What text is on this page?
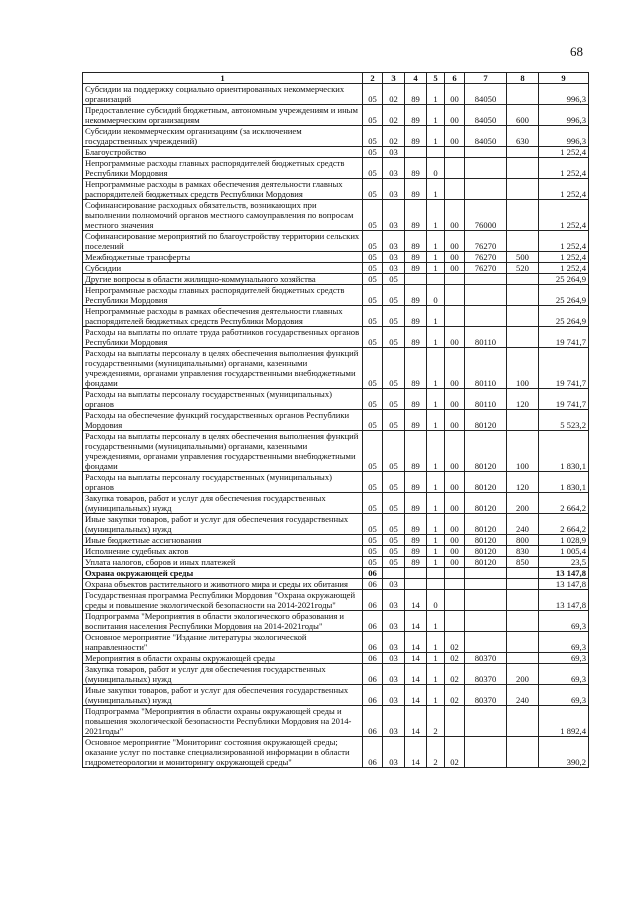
68
1	2	3	4	5	6	7	8	9
Субсидии на поддержку социально ориентированных некоммерческих организаций	05	02	89	1	00	84050		996,3
Предоставление субсидий бюджетным, автономным учреждениям и иным некоммерческим организациям	05	02	89	1	00	84050	600	996,3
Субсидии некоммерческим организациям (за исключением государственных учреждений)	05	02	89	1	00	84050	630	996,3
Благоустройство	05	03						1 252,4
Непрограммные расходы главных распорядителей бюджетных средств Республики Мордовия	05	03	89	0				1 252,4
Непрограммные расходы в рамках обеспечения деятельности главных распорядителей бюджетных средств Республики Мордовия	05	03	89	1				1 252,4
Софинансирование расходных обязательств, возникающих при выполнении полномочий органов местного самоуправления по вопросам местного значения	05	03	89	1	00	76000		1 252,4
Софинансирование мероприятий по благоустройству территории сельских поселений	05	03	89	1	00	76270		1 252,4
Межбюджетные трансферты	05	03	89	1	00	76270	500	1 252,4
Субсидии	05	03	89	1	00	76270	520	1 252,4
Другие вопросы в области жилищно-коммунального хозяйства	05	05						25 264,9
Непрограммные расходы главных распорядителей бюджетных средств Республики Мордовия	05	05	89	0				25 264,9
Непрограммные расходы в рамках обеспечения деятельности главных распорядителей бюджетных средств Республики Мордовия	05	05	89	1				25 264,9
Расходы на выплаты по оплате труда работников государственных органов Республики Мордовия	05	05	89	1	00	80110		19 741,7
Расходы на выплаты персоналу в целях обеспечения выполнения функций государственными (муниципальными) органами, казенными учреждениями, органами управления государственными внебюджетными фондами	05	05	89	1	00	80110	100	19 741,7
Расходы на выплаты персоналу государственных (муниципальных) органов	05	05	89	1	00	80110	120	19 741,7
Расходы на обеспечение функций государственных органов Республики Мордовия	05	05	89	1	00	80120		5 523,2
Расходы на выплаты персоналу в целях обеспечения выполнения функций государственными (муниципальными) органами, казенными учреждениями, органами управления государственными внебюджетными фондами	05	05	89	1	00	80120	100	1 830,1
Расходы на выплаты персоналу государственных (муниципальных) органов	05	05	89	1	00	80120	120	1 830,1
Закупка товаров, работ и услуг для обеспечения государственных (муниципальных) нужд	05	05	89	1	00	80120	200	2 664,2
Иные закупки товаров, работ и услуг для обеспечения государственных (муниципальных) нужд	05	05	89	1	00	80120	240	2 664,2
Иные бюджетные ассигнования	05	05	89	1	00	80120	800	1 028,9
Исполнение судебных актов	05	05	89	1	00	80120	830	1 005,4
Уплата налогов, сборов и иных платежей	05	05	89	1	00	80120	850	23,5
Охрана окружающей среды	06							13 147,8
Охрана объектов растительного и животного мира и среды их обитания	06	03						13 147,8
Государственная программа Республики Мордовия "Охрана окружающей среды и повышение экологической безопасности на 2014-2021годы"	06	03	14	0				13 147,8
Подпрограмма "Мероприятия в области экологического образования и воспитания населения Республики Мордовия на 2014-2021годы"	06	03	14	1				69,3
Основное мероприятие "Издание литературы экологической направленности"	06	03	14	1	02			69,3
Мероприятия в области охраны окружающей среды	06	03	14	1	02	80370		69,3
Закупка товаров, работ и услуг для обеспечения государственных (муниципальных) нужд	06	03	14	1	02	80370	200	69,3
Иные закупки товаров, работ и услуг для обеспечения государственных (муниципальных) нужд	06	03	14	1	02	80370	240	69,3
Подпрограмма "Мероприятия в области охраны окружающей среды и повышения экологической безопасности Республики Мордовия на 2014-2021годы"	06	03	14	2				1 892,4
Основное мероприятие "Мониторинг состояния окружающей среды; оказание услуг по поставке специализированной информации в области гидрометеорологии и мониторингу окружающей среды"	06	03	14	2	02			390,2
